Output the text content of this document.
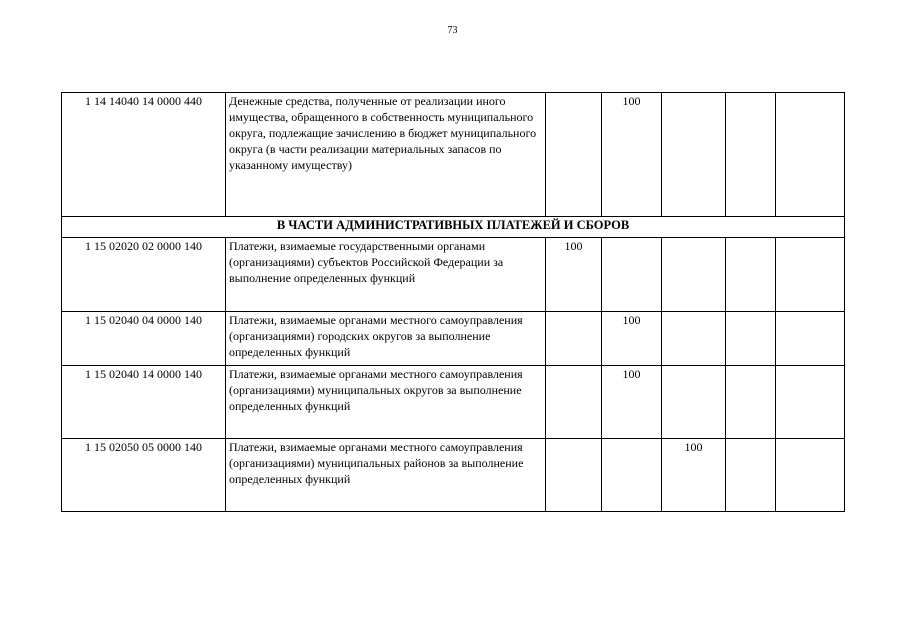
73
1 14 14040 14 0000 440	Денежные средства, полученные от реализации иного имущества, обращенного в собственность муниципального округа, подлежащие зачислению в бюджет муниципального округа (в части реализации материальных запасов по указанному имуществу)		100			
В ЧАСТИ АДМИНИСТРАТИВНЫХ ПЛАТЕЖЕЙ И СБОРОВ						
1 15 02020 02 0000 140	Платежи, взимаемые государственными органами (организациями) субъектов Российской Федерации за выполнение определенных функций	100				
1 15 02040 04 0000 140	Платежи, взимаемые органами местного самоуправления (организациями) городских округов за выполнение определенных функций		100			
1 15 02040 14 0000 140	Платежи, взимаемые органами местного самоуправления (организациями) муниципальных округов за выполнение определенных функций		100			
1 15 02050 05 0000 140	Платежи, взимаемые органами местного самоуправления (организациями) муниципальных районов за выполнение определенных функций			100		
